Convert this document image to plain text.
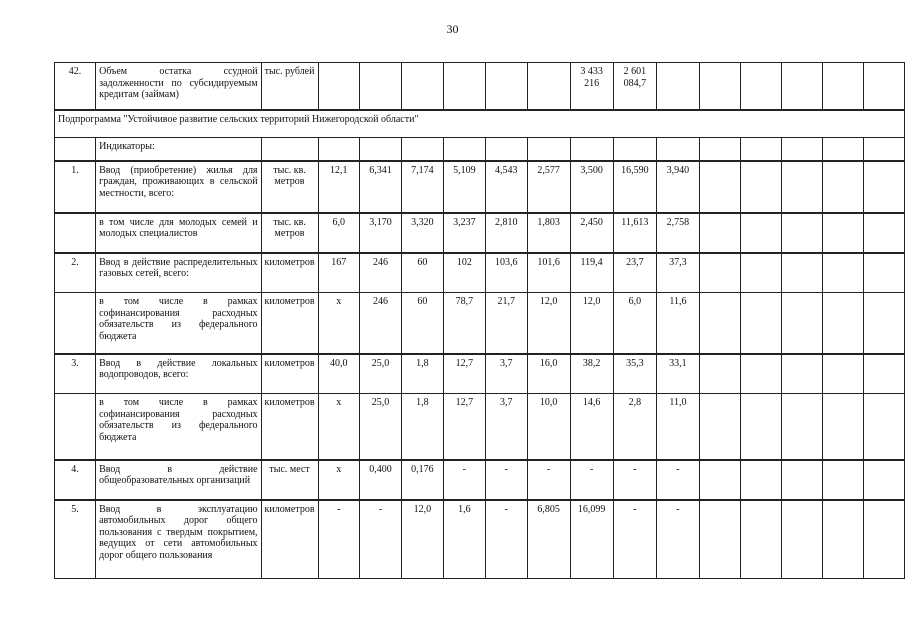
30
42.	Объем остатка ссудной задолженности по субсидируемым кредитам (займам)	тыс. рублей							3 433 216	2 601 084,7						
Подпрограмма "Устойчивое развитие сельских территорий Нижегородской области"																
	Индикаторы:															
1.	Ввод (приобретение) жилья для граждан, проживающих в сельской местности, всего:	тыс. кв. метров	12,1	6,341	7,174	5,109	4,543	2,577	3,500	16,590	3,940					
	в том числе для молодых семей и молодых специалистов	тыс. кв. метров	6,0	3,170	3,320	3,237	2,810	1,803	2,450	11,613	2,758					
2.	Ввод в действие распределительных газовых сетей, всего:	километров	167	246	60	102	103,6	101,6	119,4	23,7	37,3					
	в том числе в рамках софинансирования расходных обязательств из федерального бюджета	километров	х	246	60	78,7	21,7	12,0	12,0	6,0	11,6					
3.	Ввод в действие локальных водопроводов, всего:	километров	40,0	25,0	1,8	12,7	3,7	16,0	38,2	35,3	33,1					
	в том числе в рамках софинансирования расходных обязательств из федерального бюджета	километров	х	25,0	1,8	12,7	3,7	10,0	14,6	2,8	11,0					
4.	Ввод в действие общеобразовательных организаций	тыс. мест	х	0,400	0,176	-	-	-	-	-	-					
5.	Ввод в эксплуатацию автомобильных дорог общего пользования с твердым покрытием, ведущих от сети автомобильных дорог общего пользования	километров	-	-	12,0	1,6	-	6,805	16,099	-	-					
